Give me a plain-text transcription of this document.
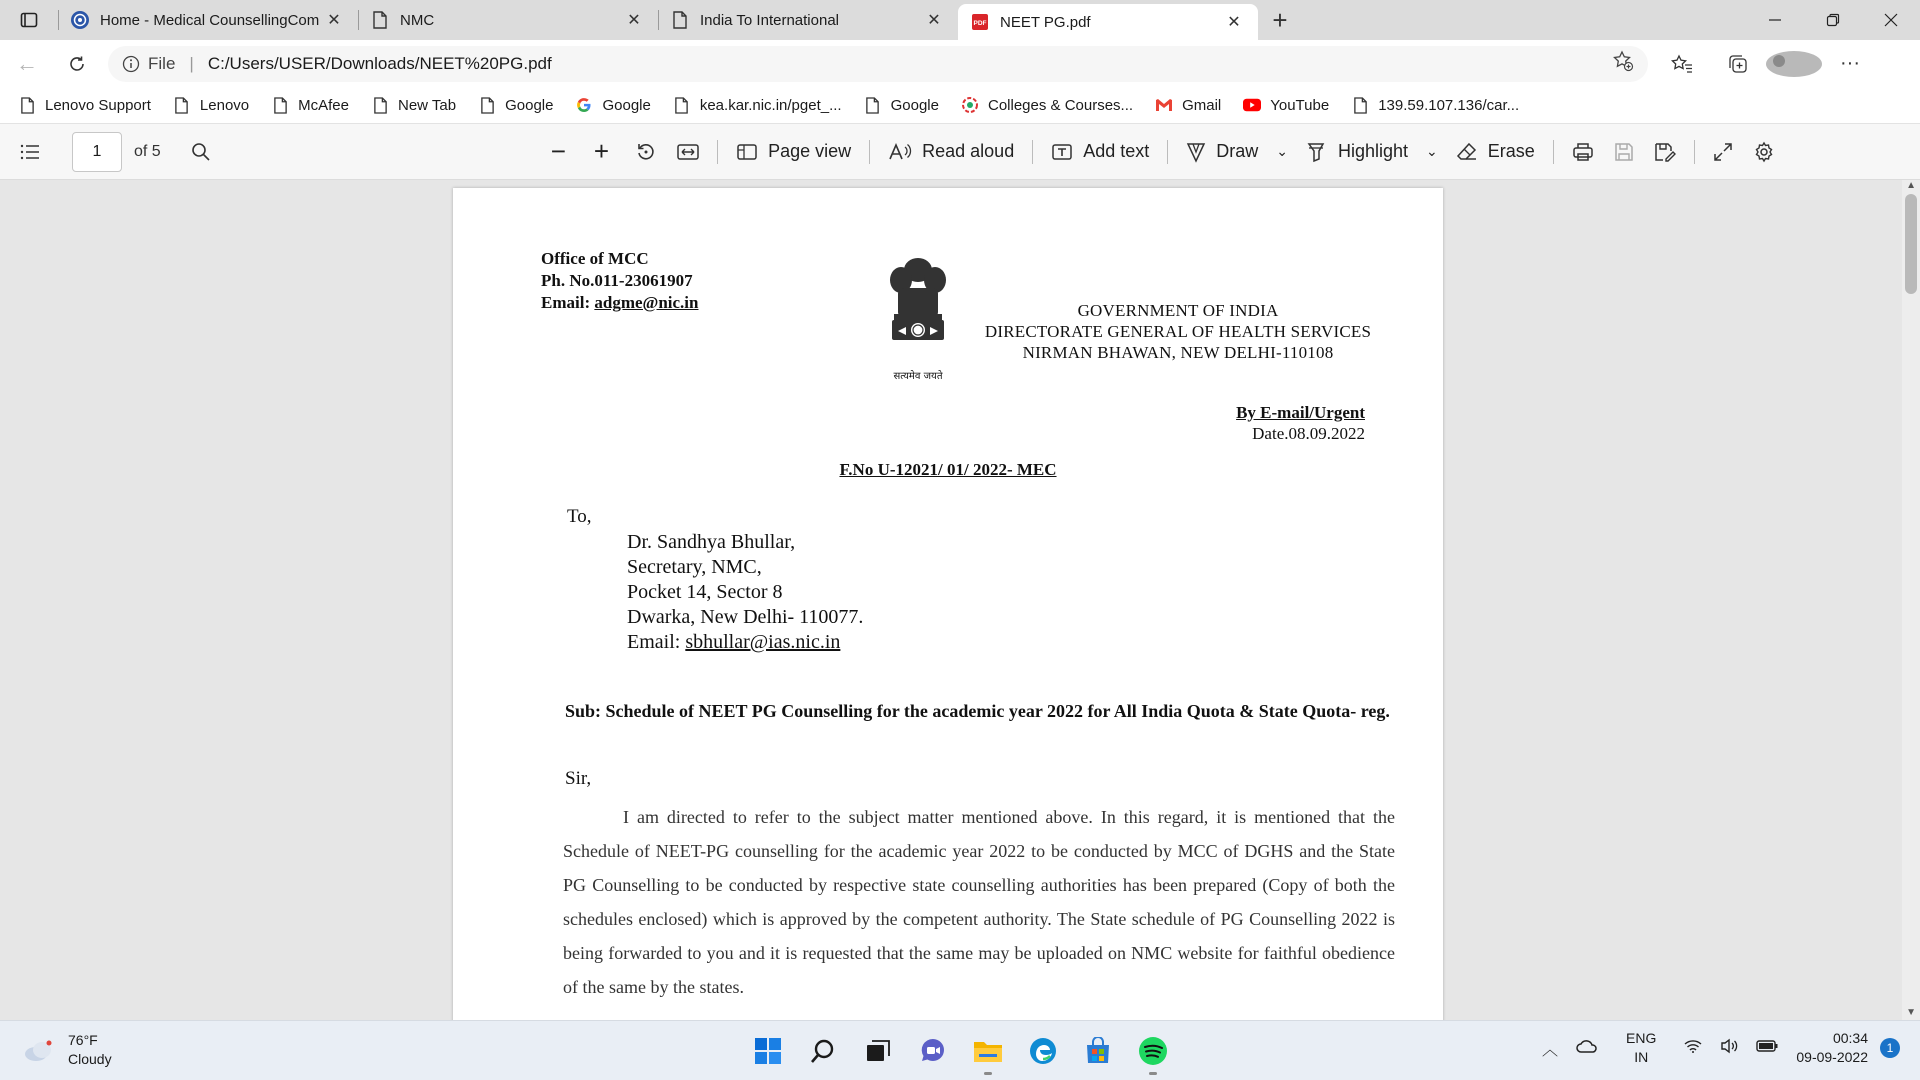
Home - Medical CounsellingCom ✕	NMC	✕	India To International	✕	PDF NEET PG.pdf	✕ +
←	File | C:/Users/USER/Downloads/NEET%20PG.pdf	···
Lenovo Support	Lenovo	McAfee	New Tab	Google	Google	kea.kar.nic.in/pget_...	Google	Colleges & Courses...	Gmail	YouTube	139.59.107.136/car...
1	of 5	− +	Page view	Read aloud	Add text	Draw ⌄	Highlight ⌄	Erase
Office of MCC
Ph. No.011-23061907
Email: adgme@nic.in
सत्यमेव जयते
GOVERNMENT OF INDIA
DIRECTORATE GENERAL OF HEALTH SERVICES
NIRMAN BHAWAN, NEW DELHI-110108
By E-mail/Urgent
Date.08.09.2022
F.No U-12021/ 01/ 2022- MEC
To,
Dr. Sandhya Bhullar,
Secretary, NMC,
Pocket 14, Sector 8
Dwarka, New Delhi- 110077.
Email: sbhullar@ias.nic.in
Sub: Schedule of NEET PG Counselling for the academic year 2022 for All India Quota & State Quota- reg.
Sir,
I am directed to refer to the subject matter mentioned above. In this regard, it is mentioned that the Schedule of NEET-PG counselling for the academic year 2022 to be conducted by MCC of DGHS and the State PG Counselling to be conducted by respective state counselling authorities has been prepared (Copy of both the schedules enclosed) which is approved by the competent authority. The State schedule of PG Counselling 2022 is being forwarded to you and it is requested that the same may be uploaded on NMC website for faithful obedience of the same by the states.
▲
▼
76°F
Cloudy
︿
ENG
IN
00:34
09-09-2022
1
